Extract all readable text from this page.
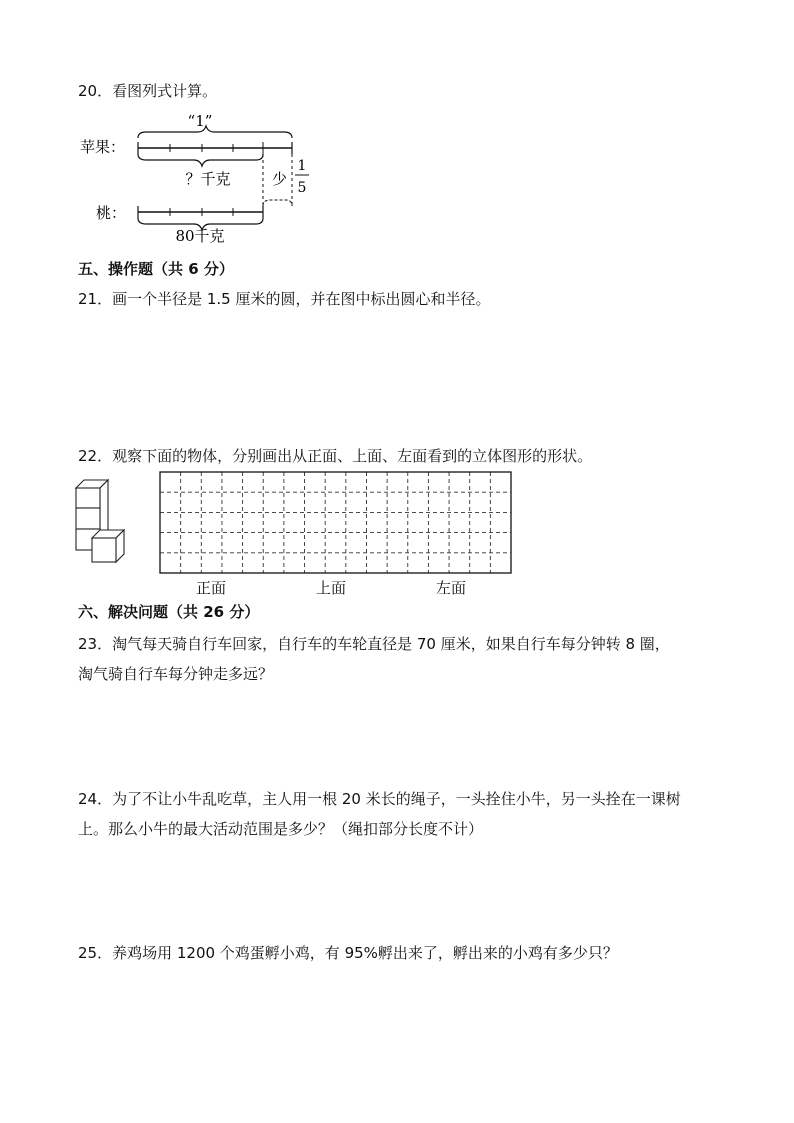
20．看图列式计算。
苹果：
“1”
？千克
桃：
80千克
少
1
5
五、操作题（共 6 分）
21．画一个半径是 1.5 厘米的圆，并在图中标出圆心和半径。
22．观察下面的物体，分别画出从正面、上面、左面看到的立体图形的形状。
正面	上面	左面
六、解决问题（共 26 分）
23．淘气每天骑自行车回家，自行车的车轮直径是 70 厘米，如果自行车每分钟转 8 圈，
淘气骑自行车每分钟走多远？
24．为了不让小牛乱吃草，主人用一根 20 米长的绳子，一头拴住小牛，另一头拴在一课树
上。那么小牛的最大活动范围是多少？（绳扣部分长度不计）
25．养鸡场用 1200 个鸡蛋孵小鸡，有 95%孵出来了，孵出来的小鸡有多少只？
